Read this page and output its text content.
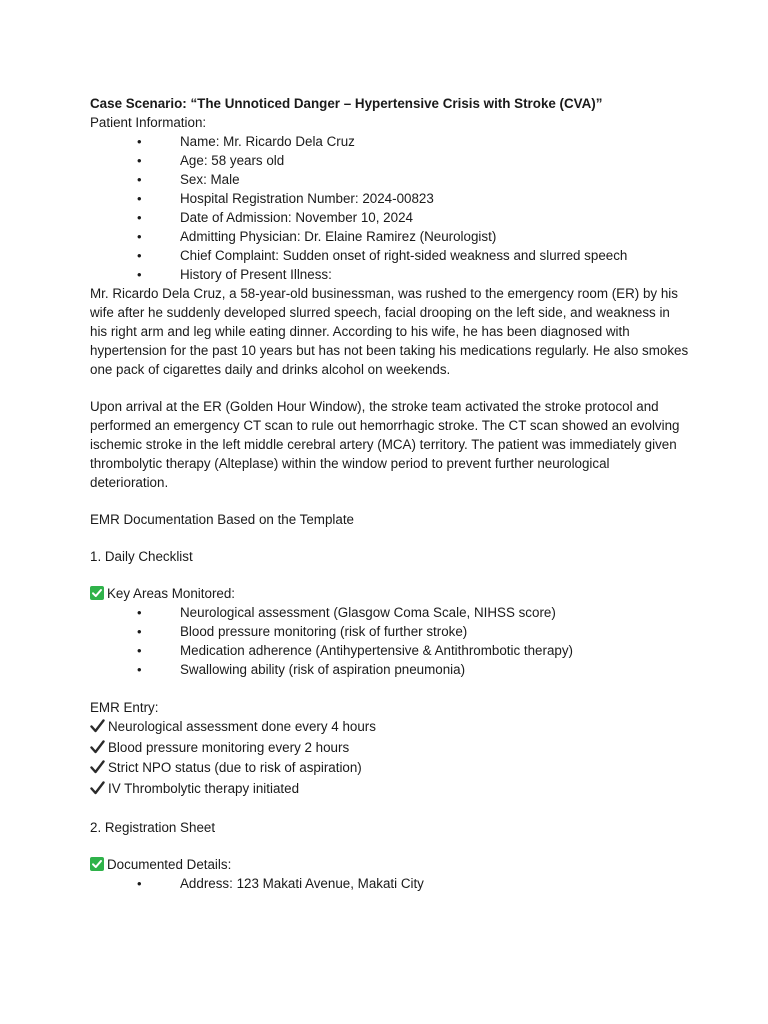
Case Scenario: “The Unnoticed Danger – Hypertensive Crisis with Stroke (CVA)”

Patient Information:

• Name: Mr. Ricardo Dela Cruz
• Age: 58 years old
• Sex: Male
• Hospital Registration Number: 2024-00823
• Date of Admission: November 10, 2024
• Admitting Physician: Dr. Elaine Ramirez (Neurologist)
• Chief Complaint: Sudden onset of right-sided weakness and slurred speech
• History of Present Illness:

Mr. Ricardo Dela Cruz, a 58-year-old businessman, was rushed to the emergency room (ER) by his wife after he suddenly developed slurred speech, facial drooping on the left side, and weakness in his right arm and leg while eating dinner. According to his wife, he has been diagnosed with hypertension for the past 10 years but has not been taking his medications regularly. He also smokes one pack of cigarettes daily and drinks alcohol on weekends.

Upon arrival at the ER (Golden Hour Window), the stroke team activated the stroke protocol and performed an emergency CT scan to rule out hemorrhagic stroke. The CT scan showed an evolving ischemic stroke in the left middle cerebral artery (MCA) territory. The patient was immediately given thrombolytic therapy (Alteplase) within the window period to prevent further neurological deterioration.

EMR Documentation Based on the Template

1. Daily Checklist

Key Areas Monitored:

• Neurological assessment (Glasgow Coma Scale, NIHSS score)
• Blood pressure monitoring (risk of further stroke)
• Medication adherence (Antihypertensive & Antithrombotic therapy)
• Swallowing ability (risk of aspiration pneumonia)

EMR Entry:

Neurological assessment done every 4 hours

Blood pressure monitoring every 2 hours

Strict NPO status (due to risk of aspiration)

IV Thrombolytic therapy initiated

2. Registration Sheet

Documented Details:

• Address: 123 Makati Avenue, Makati City
